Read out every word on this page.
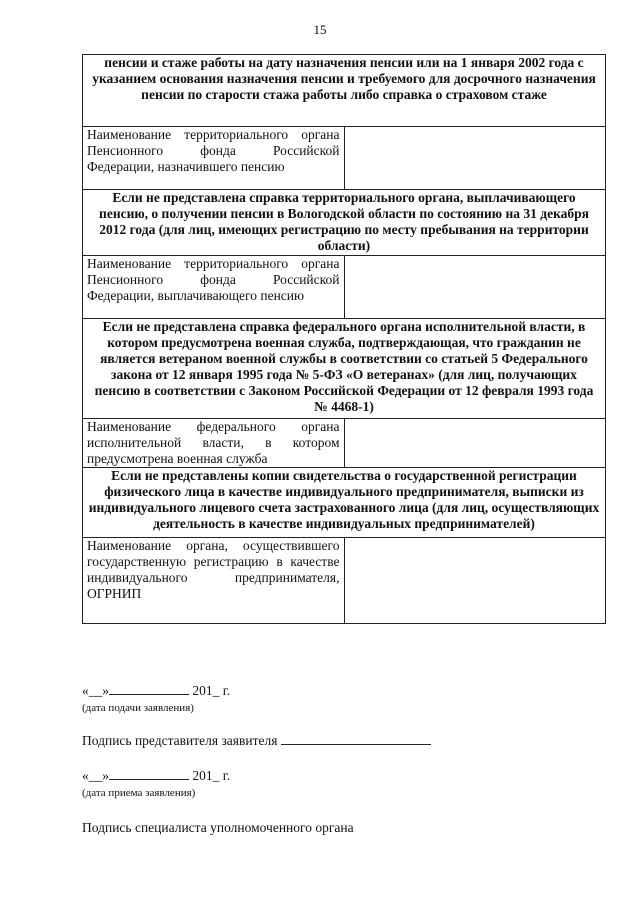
15
пенсии и стаже работы на дату назначения пенсии или на 1 января 2002 года с указанием основания назначения пенсии и требуемого для досрочного назначения пенсии по старости стажа работы либо справка о страховом стаже	
Наименование территориального органа Пенсионного фонда Российской Федерации, назначившего пенсию	
Если не представлена справка территориального органа, выплачивающего пенсию, о получении пенсии в Вологодской области по состоянию на 31 декабря 2012 года (для лиц, имеющих регистрацию по месту пребывания на территории области)	
Наименование территориального органа Пенсионного фонда Российской Федерации, выплачивающего пенсию	
Если не представлена справка федерального органа исполнительной власти, в котором предусмотрена военная служба, подтверждающая, что гражданин не является ветераном военной службы в соответствии со статьей 5 Федерального закона от 12 января 1995 года № 5-ФЗ «О ветеранах» (для лиц, получающих пенсию в соответствии с Законом Российской Федерации от 12 февраля 1993 года № 4468-1)	
Наименование федерального органа исполнительной власти, в котором предусмотрена военная служба	
Если не представлены копии свидетельства о государственной регистрации физического лица в качестве индивидуального предпринимателя, выписки из индивидуального лицевого счета застрахованного лица (для лиц, осуществляющих деятельность в качестве индивидуальных предпринимателей)	
Наименование органа, осуществившего государственную регистрацию в качестве индивидуального предпринимателя, ОГРНИП	
«__»	201_ г.
(дата подачи заявления)
Подпись представителя заявителя
«__»	201_ г.
(дата приема заявления)
Подпись специалиста уполномоченного органа
